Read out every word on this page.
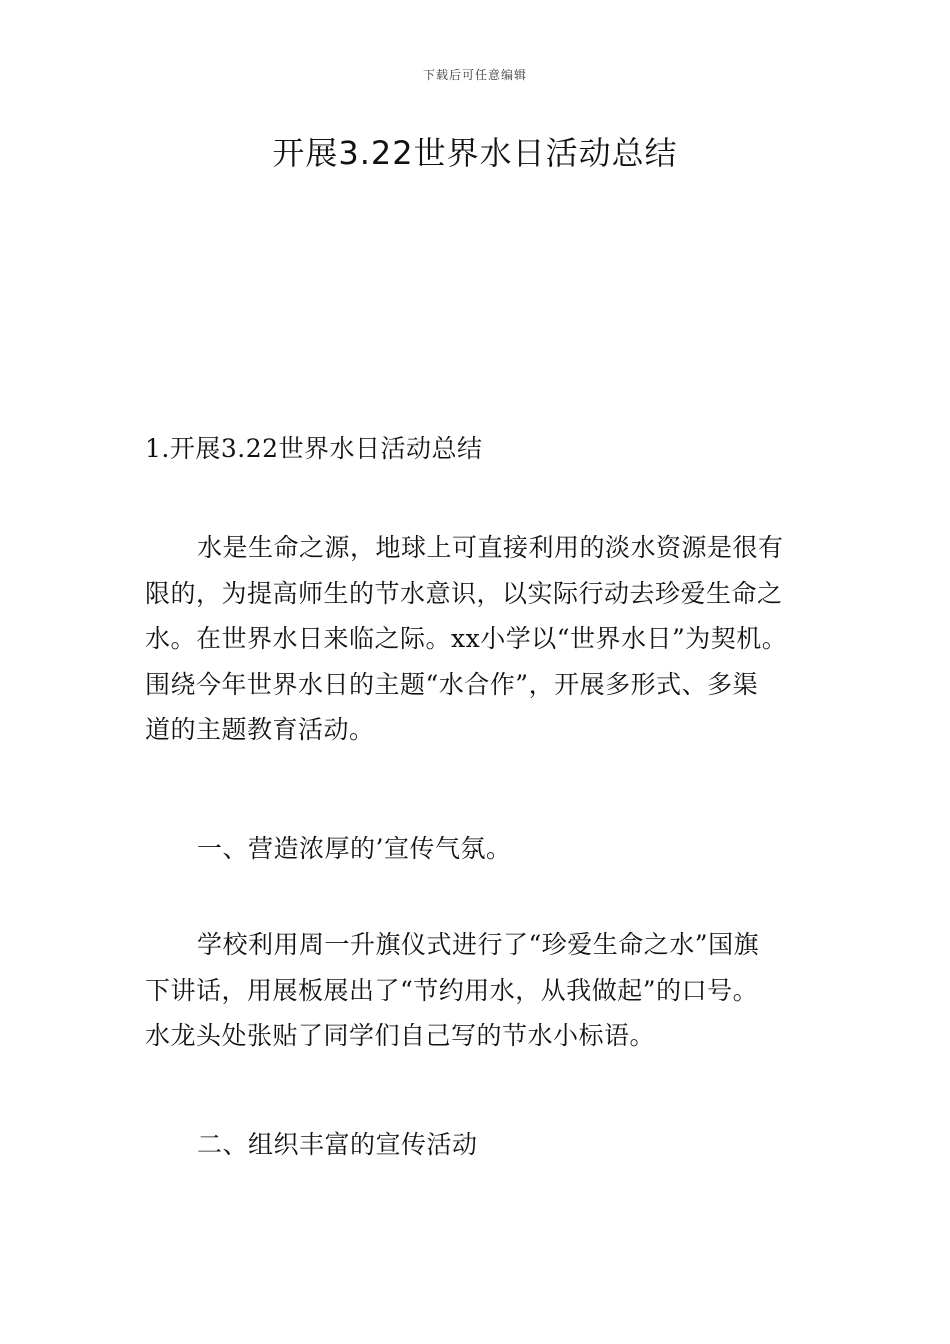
下载后可任意编辑
开展3.22世界水日活动总结

1.开展3.22世界水日活动总结

水是生命之源，地球上可直接利用的淡水资源是很有
限的，为提高师生的节水意识，以实际行动去珍爱生命之
水。在世界水日来临之际。xx小学以“世界水日”为契机。
围绕今年世界水日的主题“水合作”，开展多形式、多渠
道的主题教育活动。

一、营造浓厚的’宣传气氛。

学校利用周一升旗仪式进行了“珍爱生命之水”国旗
下讲话，用展板展出了“节约用水，从我做起”的口号。
水龙头处张贴了同学们自己写的节水小标语。

二、组织丰富的宣传活动
